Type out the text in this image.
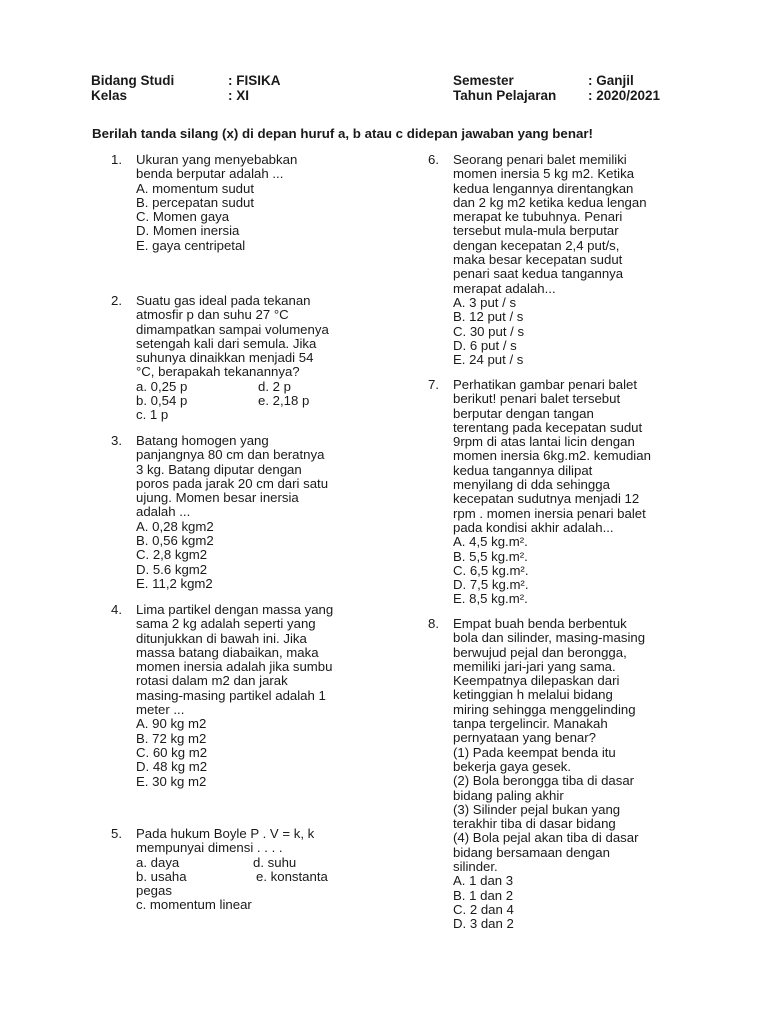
Bidang Studi	: FISIKA
Kelas	: XI
Semester	: Ganjil
Tahun Pelajaran : 2020/2021
Berilah tanda silang (x) di depan huruf a, b atau c didepan jawaban yang benar!
1.	Ukuran yang menyebabkan
benda berputar adalah ...
A. momentum sudut
B. percepatan sudut
C. Momen gaya
D. Momen inersia
E. gaya centripetal
2.	Suatu gas ideal pada tekanan
atmosfir p dan suhu 27 °C
dimampatkan sampai volumenya
setengah kali dari semula. Jika
suhunya dinaikkan menjadi 54
°C, berapakah tekanannya?
a. 0,25 p	d. 2 p
b. 0,54 p	e. 2,18 p
c. 1 p
3.	Batang homogen yang
panjangnya 80 cm dan beratnya
3 kg. Batang diputar dengan
poros pada jarak 20 cm dari satu
ujung. Momen besar inersia
adalah ...
A. 0,28 kgm2
B. 0,56 kgm2
C. 2,8 kgm2
D. 5.6 kgm2
E. 11,2 kgm2
4.	Lima partikel dengan massa yang
sama 2 kg adalah seperti yang
ditunjukkan di bawah ini. Jika
massa batang diabaikan, maka
momen inersia adalah jika sumbu
rotasi dalam m2 dan jarak
masing-masing partikel adalah 1
meter ...
A. 90 kg m2
B. 72 kg m2
C. 60 kg m2
D. 48 kg m2
E. 30 kg m2
5.	Pada hukum Boyle P . V = k, k
mempunyai dimensi . . . .
a. daya	d. suhu
b. usaha	e. konstanta
pegas
c. momentum linear
6.	Seorang penari balet memiliki
momen inersia 5 kg m2. Ketika
kedua lengannya direntangkan
dan 2 kg m2 ketika kedua lengan
merapat ke tubuhnya. Penari
tersebut mula-mula berputar
dengan kecepatan 2,4 put/s,
maka besar kecepatan sudut
penari saat kedua tangannya
merapat adalah...
A. 3 put / s
B. 12 put / s
C. 30 put / s
D. 6 put / s
E. 24 put / s
7.	Perhatikan gambar penari balet
berikut! penari balet tersebut
berputar dengan tangan
terentang pada kecepatan sudut
9rpm di atas lantai licin dengan
momen inersia 6kg.m2. kemudian
kedua tangannya dilipat
menyilang di dda sehingga
kecepatan sudutnya menjadi 12
rpm . momen inersia penari balet
pada kondisi akhir adalah...
A. 4,5 kg.m².
B. 5,5 kg.m².
C. 6,5 kg.m².
D. 7,5 kg.m².
E. 8,5 kg.m².
8.	Empat buah benda berbentuk
bola dan silinder, masing-masing
berwujud pejal dan berongga,
memiliki jari-jari yang sama.
Keempatnya dilepaskan dari
ketinggian h melalui bidang
miring sehingga menggelinding
tanpa tergelincir. Manakah
pernyataan yang benar?
(1) Pada keempat benda itu
bekerja gaya gesek.
(2) Bola berongga tiba di dasar
bidang paling akhir
(3) Silinder pejal bukan yang
terakhir tiba di dasar bidang
(4) Bola pejal akan tiba di dasar
bidang bersamaan dengan
silinder.
A. 1 dan 3
B. 1 dan 2
C. 2 dan 4
D. 3 dan 2
